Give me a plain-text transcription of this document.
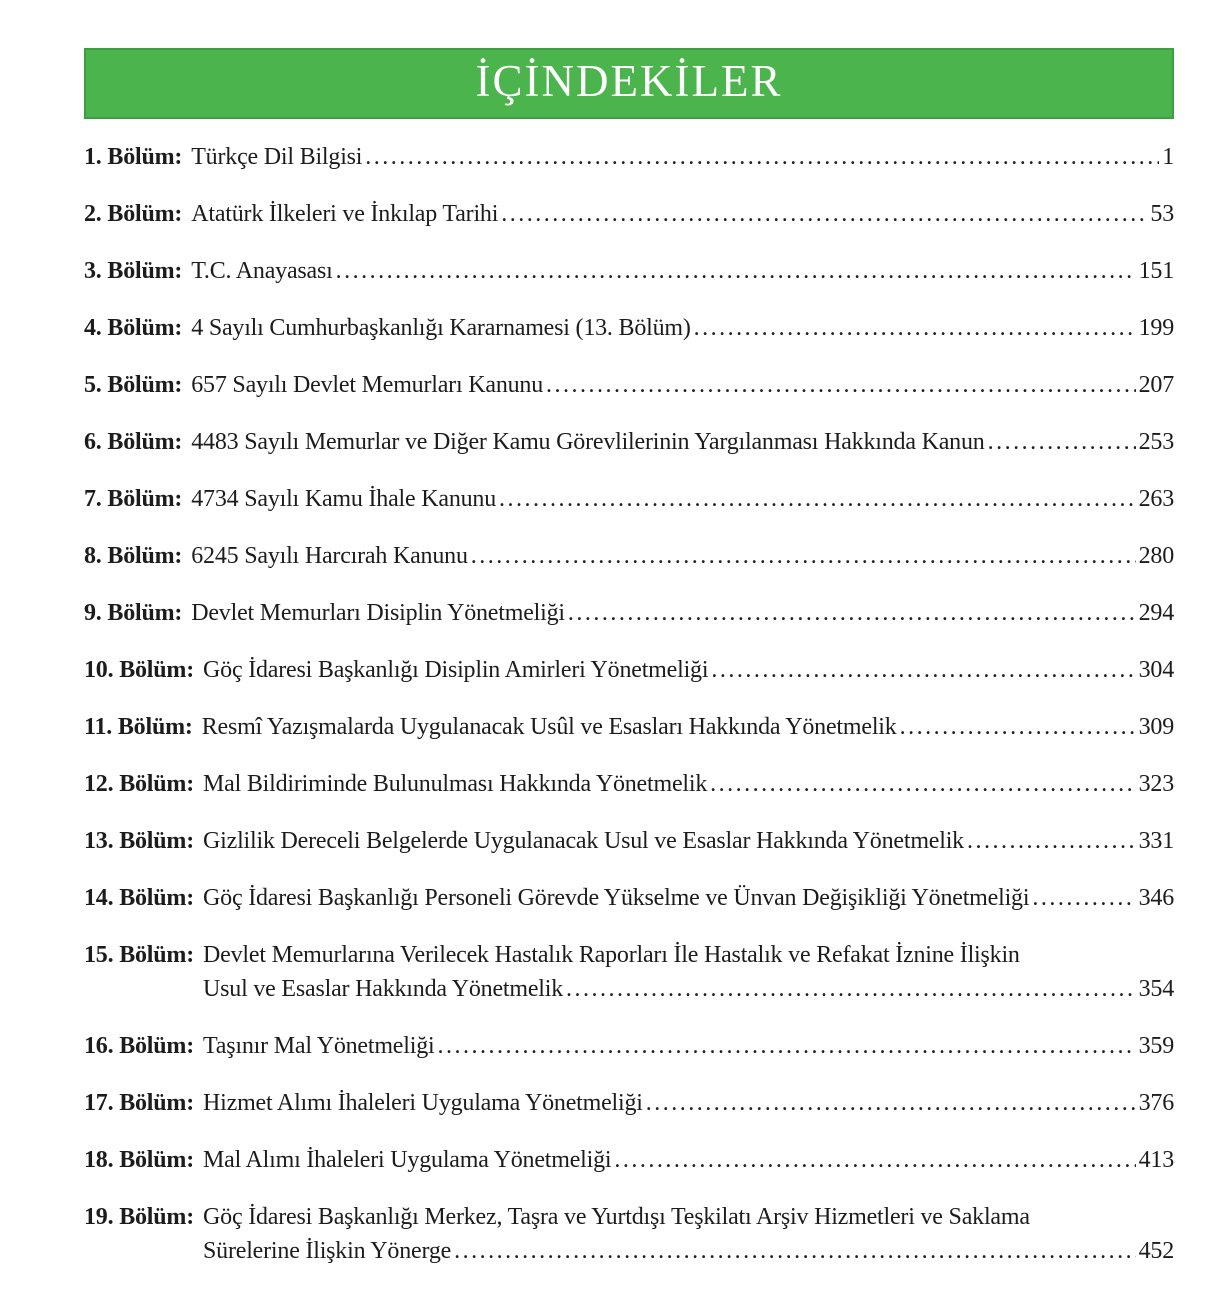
İÇİNDEKİLER
1. Bölüm: Türkçe Dil Bilgisi .....	1
2. Bölüm: Atatürk İlkeleri ve İnkılap Tarihi .....	53
3. Bölüm: T.C. Anayasası .....	151
4. Bölüm: 4 Sayılı Cumhurbaşkanlığı Kararnamesi (13. Bölüm) .....	199
5. Bölüm: 657 Sayılı Devlet Memurları Kanunu .....	207
6. Bölüm: 4483 Sayılı Memurlar ve Diğer Kamu Görevlilerinin Yargılanması Hakkında Kanun .....	253
7. Bölüm: 4734 Sayılı Kamu İhale Kanunu .....	263
8. Bölüm: 6245 Sayılı Harcırah Kanunu .....	280
9. Bölüm: Devlet Memurları Disiplin Yönetmeliği .....	294
10. Bölüm: Göç İdaresi Başkanlığı Disiplin Amirleri Yönetmeliği .....	304
11. Bölüm: Resmî Yazışmalarda Uygulanacak Usûl ve Esasları Hakkında Yönetmelik .....	309
12. Bölüm: Mal Bildiriminde Bulunulması Hakkında Yönetmelik .....	323
13. Bölüm: Gizlilik Dereceli Belgelerde Uygulanacak Usul ve Esaslar Hakkında Yönetmelik .....	331
14. Bölüm: Göç İdaresi Başkanlığı Personeli Görevde Yükselme ve Ünvan Değişikliği Yönetmeliği .....	346
15. Bölüm: Devlet Memurlarına Verilecek Hastalık Raporları İle Hastalık ve Refakat İznine İlişkin
Usul ve Esaslar Hakkında Yönetmelik .....	354
16. Bölüm: Taşınır Mal Yönetmeliği .....	359
17. Bölüm: Hizmet Alımı İhaleleri Uygulama Yönetmeliği .....	376
18. Bölüm: Mal Alımı İhaleleri Uygulama Yönetmeliği .....	413
19. Bölüm: Göç İdaresi Başkanlığı Merkez, Taşra ve Yurtdışı Teşkilatı Arşiv Hizmetleri ve Saklama
Sürelerine İlişkin Yönerge .....	452
